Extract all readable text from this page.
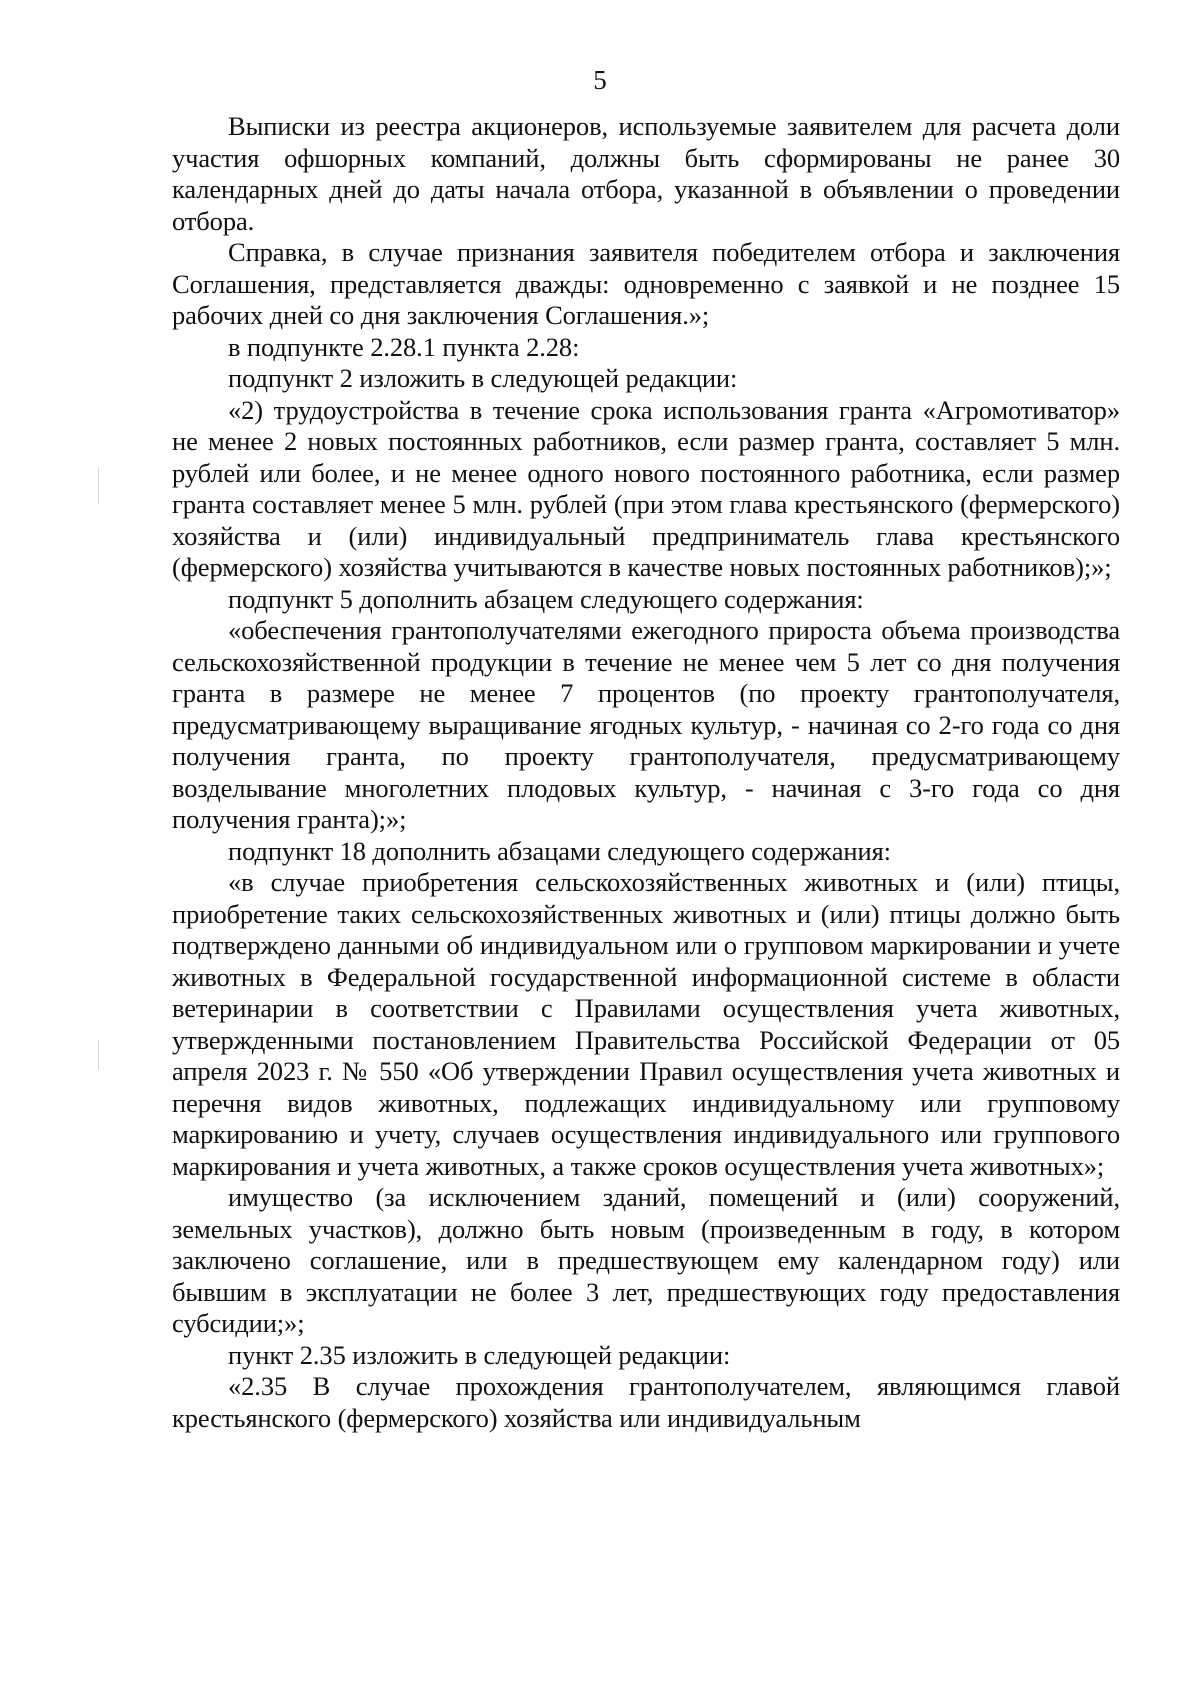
5

Выписки из реестра акционеров, используемые заявителем для расчета доли участия офшорных компаний, должны быть сформированы не ранее 30 календарных дней до даты начала отбора, указанной в объявлении о проведении отбора.

Справка, в случае признания заявителя победителем отбора и заключения Соглашения, представляется дважды: одновременно с заявкой и не позднее 15 рабочих дней со дня заключения Соглашения.»;

в подпункте 2.28.1 пункта 2.28:

подпункт 2 изложить в следующей редакции:

«2) трудоустройства в течение срока использования гранта «Агромотиватор» не менее 2 новых постоянных работников, если размер гранта, составляет 5 млн. рублей или более, и не менее одного нового постоянного работника, если размер гранта составляет менее 5 млн. рублей (при этом глава крестьянского (фермерского) хозяйства и (или) индивидуальный предприниматель глава крестьянского (фермерского) хозяйства учитываются в качестве новых постоянных работников);»;

подпункт 5 дополнить абзацем следующего содержания:

«обеспечения грантополучателями ежегодного прироста объема производства сельскохозяйственной продукции в течение не менее чем 5 лет со дня получения гранта в размере не менее 7 процентов (по проекту грантополучателя, предусматривающему выращивание ягодных культур, - начиная со 2-го года со дня получения гранта, по проекту грантополучателя, предусматривающему возделывание многолетних плодовых культур, - начиная с 3-го года со дня получения гранта);»;

подпункт 18 дополнить абзацами следующего содержания:

«в случае приобретения сельскохозяйственных животных и (или) птицы, приобретение таких сельскохозяйственных животных и (или) птицы должно быть подтверждено данными об индивидуальном или о групповом маркировании и учете животных в Федеральной государственной информационной системе в области ветеринарии в соответствии с Правилами осуществления учета животных, утвержденными постановлением Правительства Российской Федерации от 05 апреля 2023 г. № 550 «Об утверждении Правил осуществления учета животных и перечня видов животных, подлежащих индивидуальному или групповому маркированию и учету, случаев осуществления индивидуального или группового маркирования и учета животных, а также сроков осуществления учета животных»;

имущество (за исключением зданий, помещений и (или) сооружений, земельных участков), должно быть новым (произведенным в году, в котором заключено соглашение, или в предшествующем ему календарном году) или бывшим в эксплуатации не более 3 лет, предшествующих году предоставления субсидии;»;

пункт 2.35 изложить в следующей редакции:

«2.35 В случае прохождения грантополучателем, являющимся главой крестьянского (фермерского) хозяйства или индивидуальным
